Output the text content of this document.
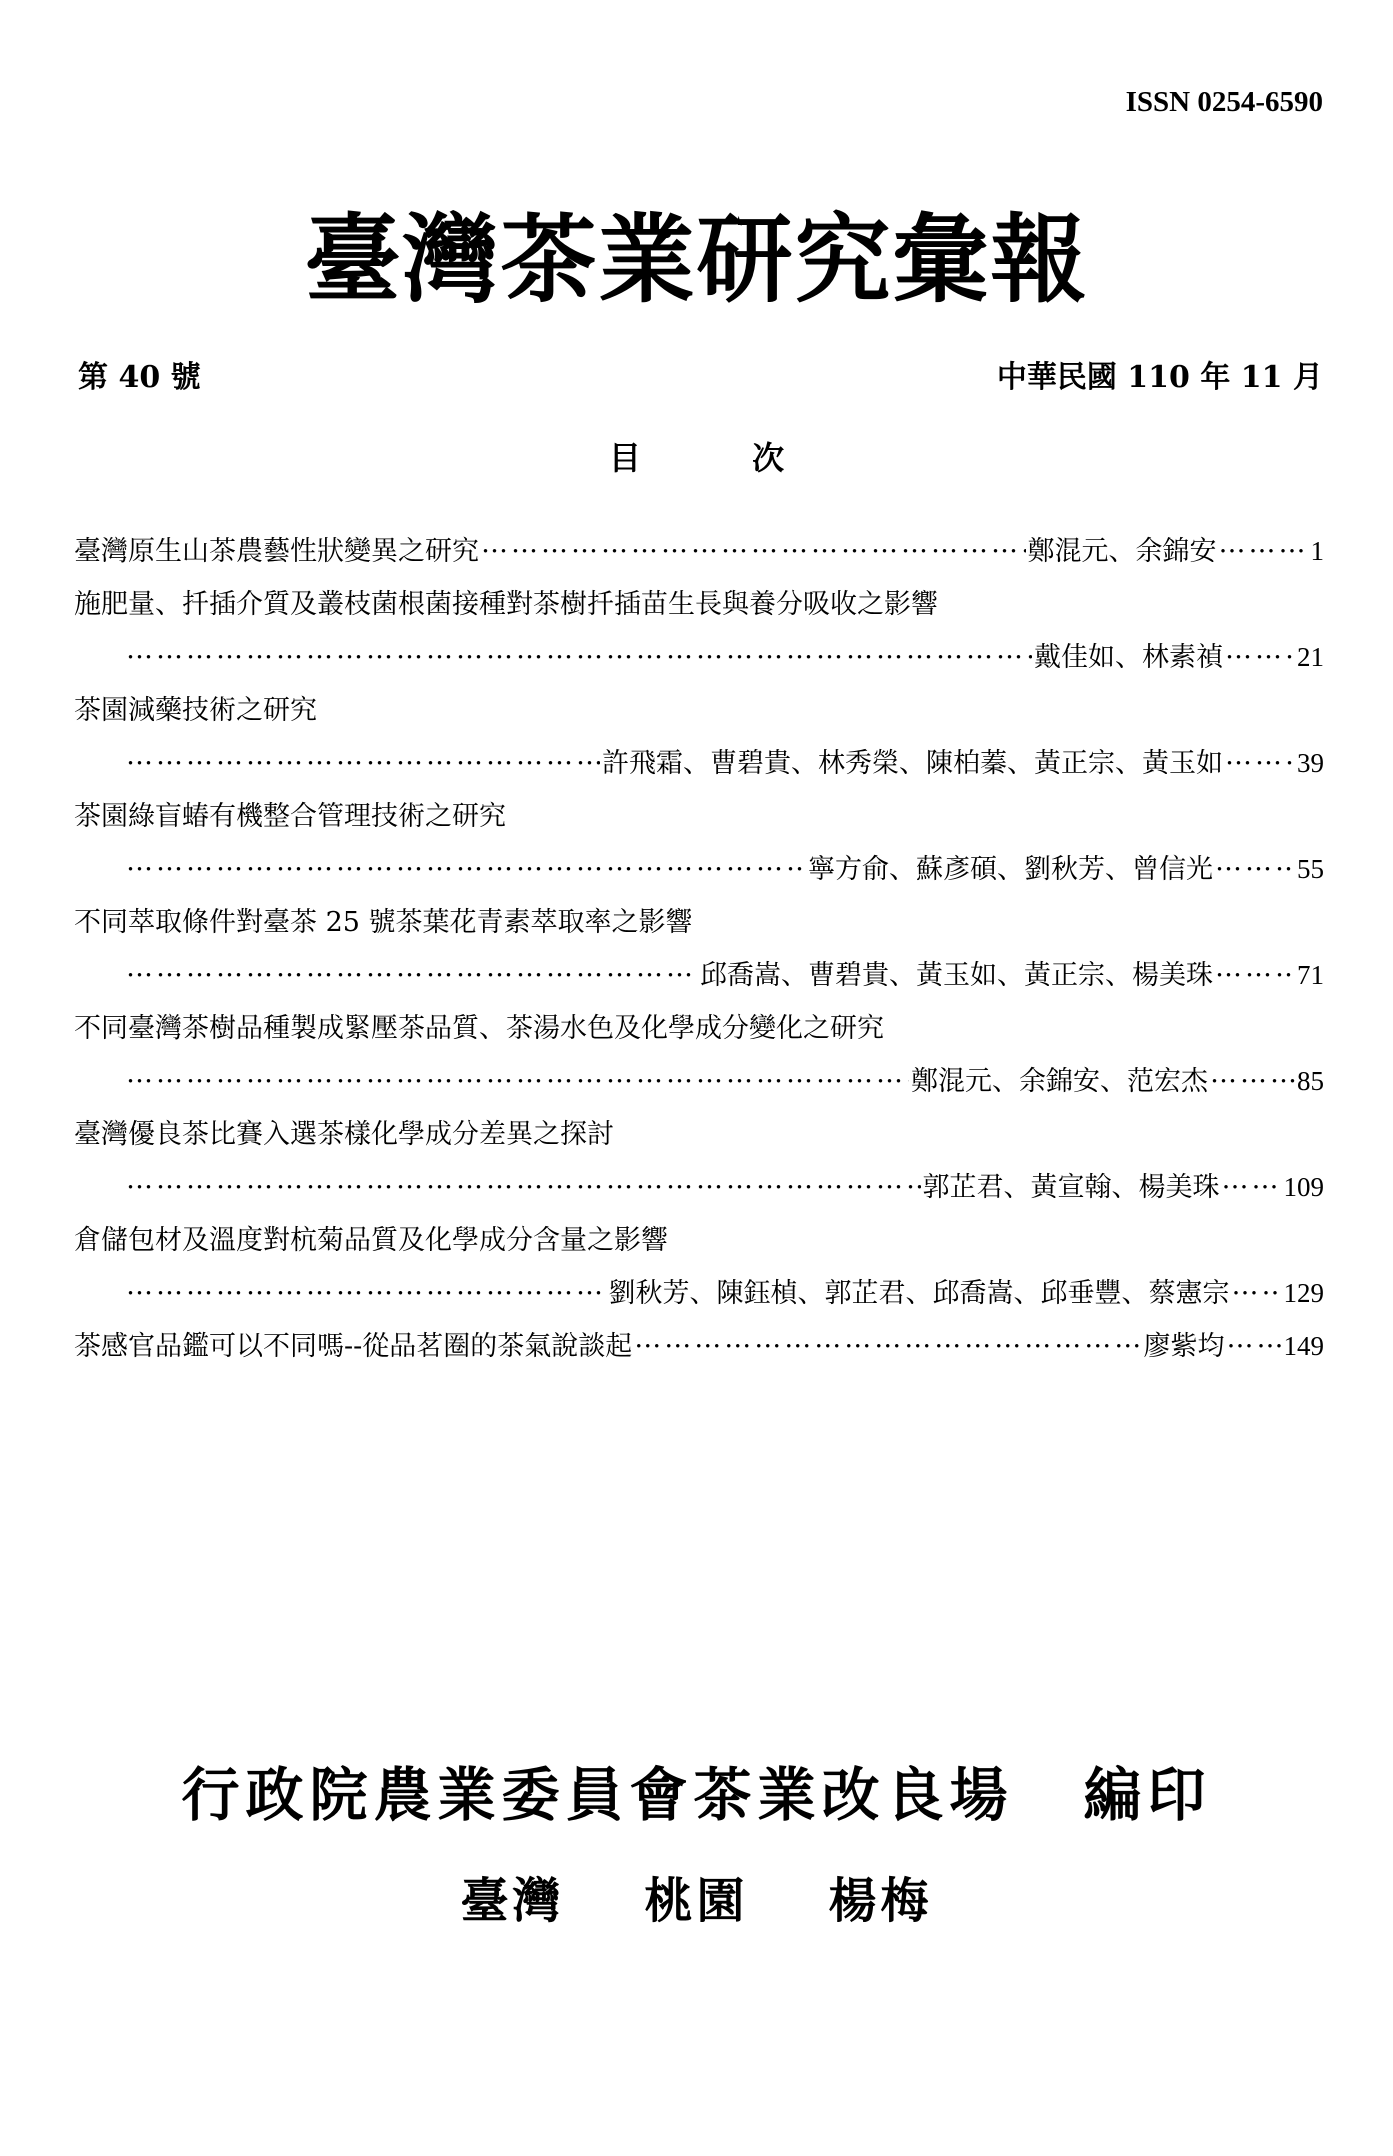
ISSN 0254-6590
臺灣茶業研究彙報
第 40 號	中華民國 110 年 11 月
目 次
臺灣原生山茶農藝性狀變異之研究 …………………………………………………………………………………………………………………………………………………………………………………………………………	鄭混元、余錦安 …………………………………………………………………………………………………………………………………………………………………………………………………………	1
施肥量、扦插介質及叢枝菌根菌接種對茶樹扦插苗生長與養分吸收之影響
…………………………………………………………………………………………………………………………………………………………………………………………………………
戴佳如、林素禎 …………………………………………………………………………………………………………………………………………………………………………………………………………	21
茶園減藥技術之研究
…………………………………………………………………………………………………………………………………………………………………………………………………………
許飛霜、曹碧貴、林秀榮、陳柏蓁、黃正宗、黃玉如 …………………………………………………………………………………………………………………………………………………………………………………………………………	39
茶園綠盲蝽有機整合管理技術之研究
…………………………………………………………………………………………………………………………………………………………………………………………………………
寧方俞、蘇彥碩、劉秋芳、曾信光 …………………………………………………………………………………………………………………………………………………………………………………………………………	55
不同萃取條件對臺茶 25 號茶葉花青素萃取率之影響
…………………………………………………………………………………………………………………………………………………………………………………………………………
邱喬嵩、曹碧貴、黃玉如、黃正宗、楊美珠 …………………………………………………………………………………………………………………………………………………………………………………………………………	71
不同臺灣茶樹品種製成緊壓茶品質、茶湯水色及化學成分變化之研究
…………………………………………………………………………………………………………………………………………………………………………………………………………
鄭混元、余錦安、范宏杰 …………………………………………………………………………………………………………………………………………………………………………………………………………	85
臺灣優良茶比賽入選茶樣化學成分差異之探討
…………………………………………………………………………………………………………………………………………………………………………………………………………
郭芷君、黃宣翰、楊美珠 ………………………………………………………………………………………………………………………………………………………………………………………………………… 109
倉儲包材及溫度對杭菊品質及化學成分含量之影響
…………………………………………………………………………………………………………………………………………………………………………………………………………
劉秋芳、陳鈺楨、郭芷君、邱喬嵩、邱垂豐、蔡憲宗 ………………………………………………………………………………………………………………………………………………………………………………………………………… 129
茶感官品鑑可以不同嗎--從品茗圈的茶氣說談起 …………………………………………………………………………………………………………………………………………………………………………………………………………	廖紫均 ………………………………………………………………………………………………………………………………………………………………………………………………………… 149
行政院農業委員會茶業改良場 編印
臺灣 桃園 楊梅
